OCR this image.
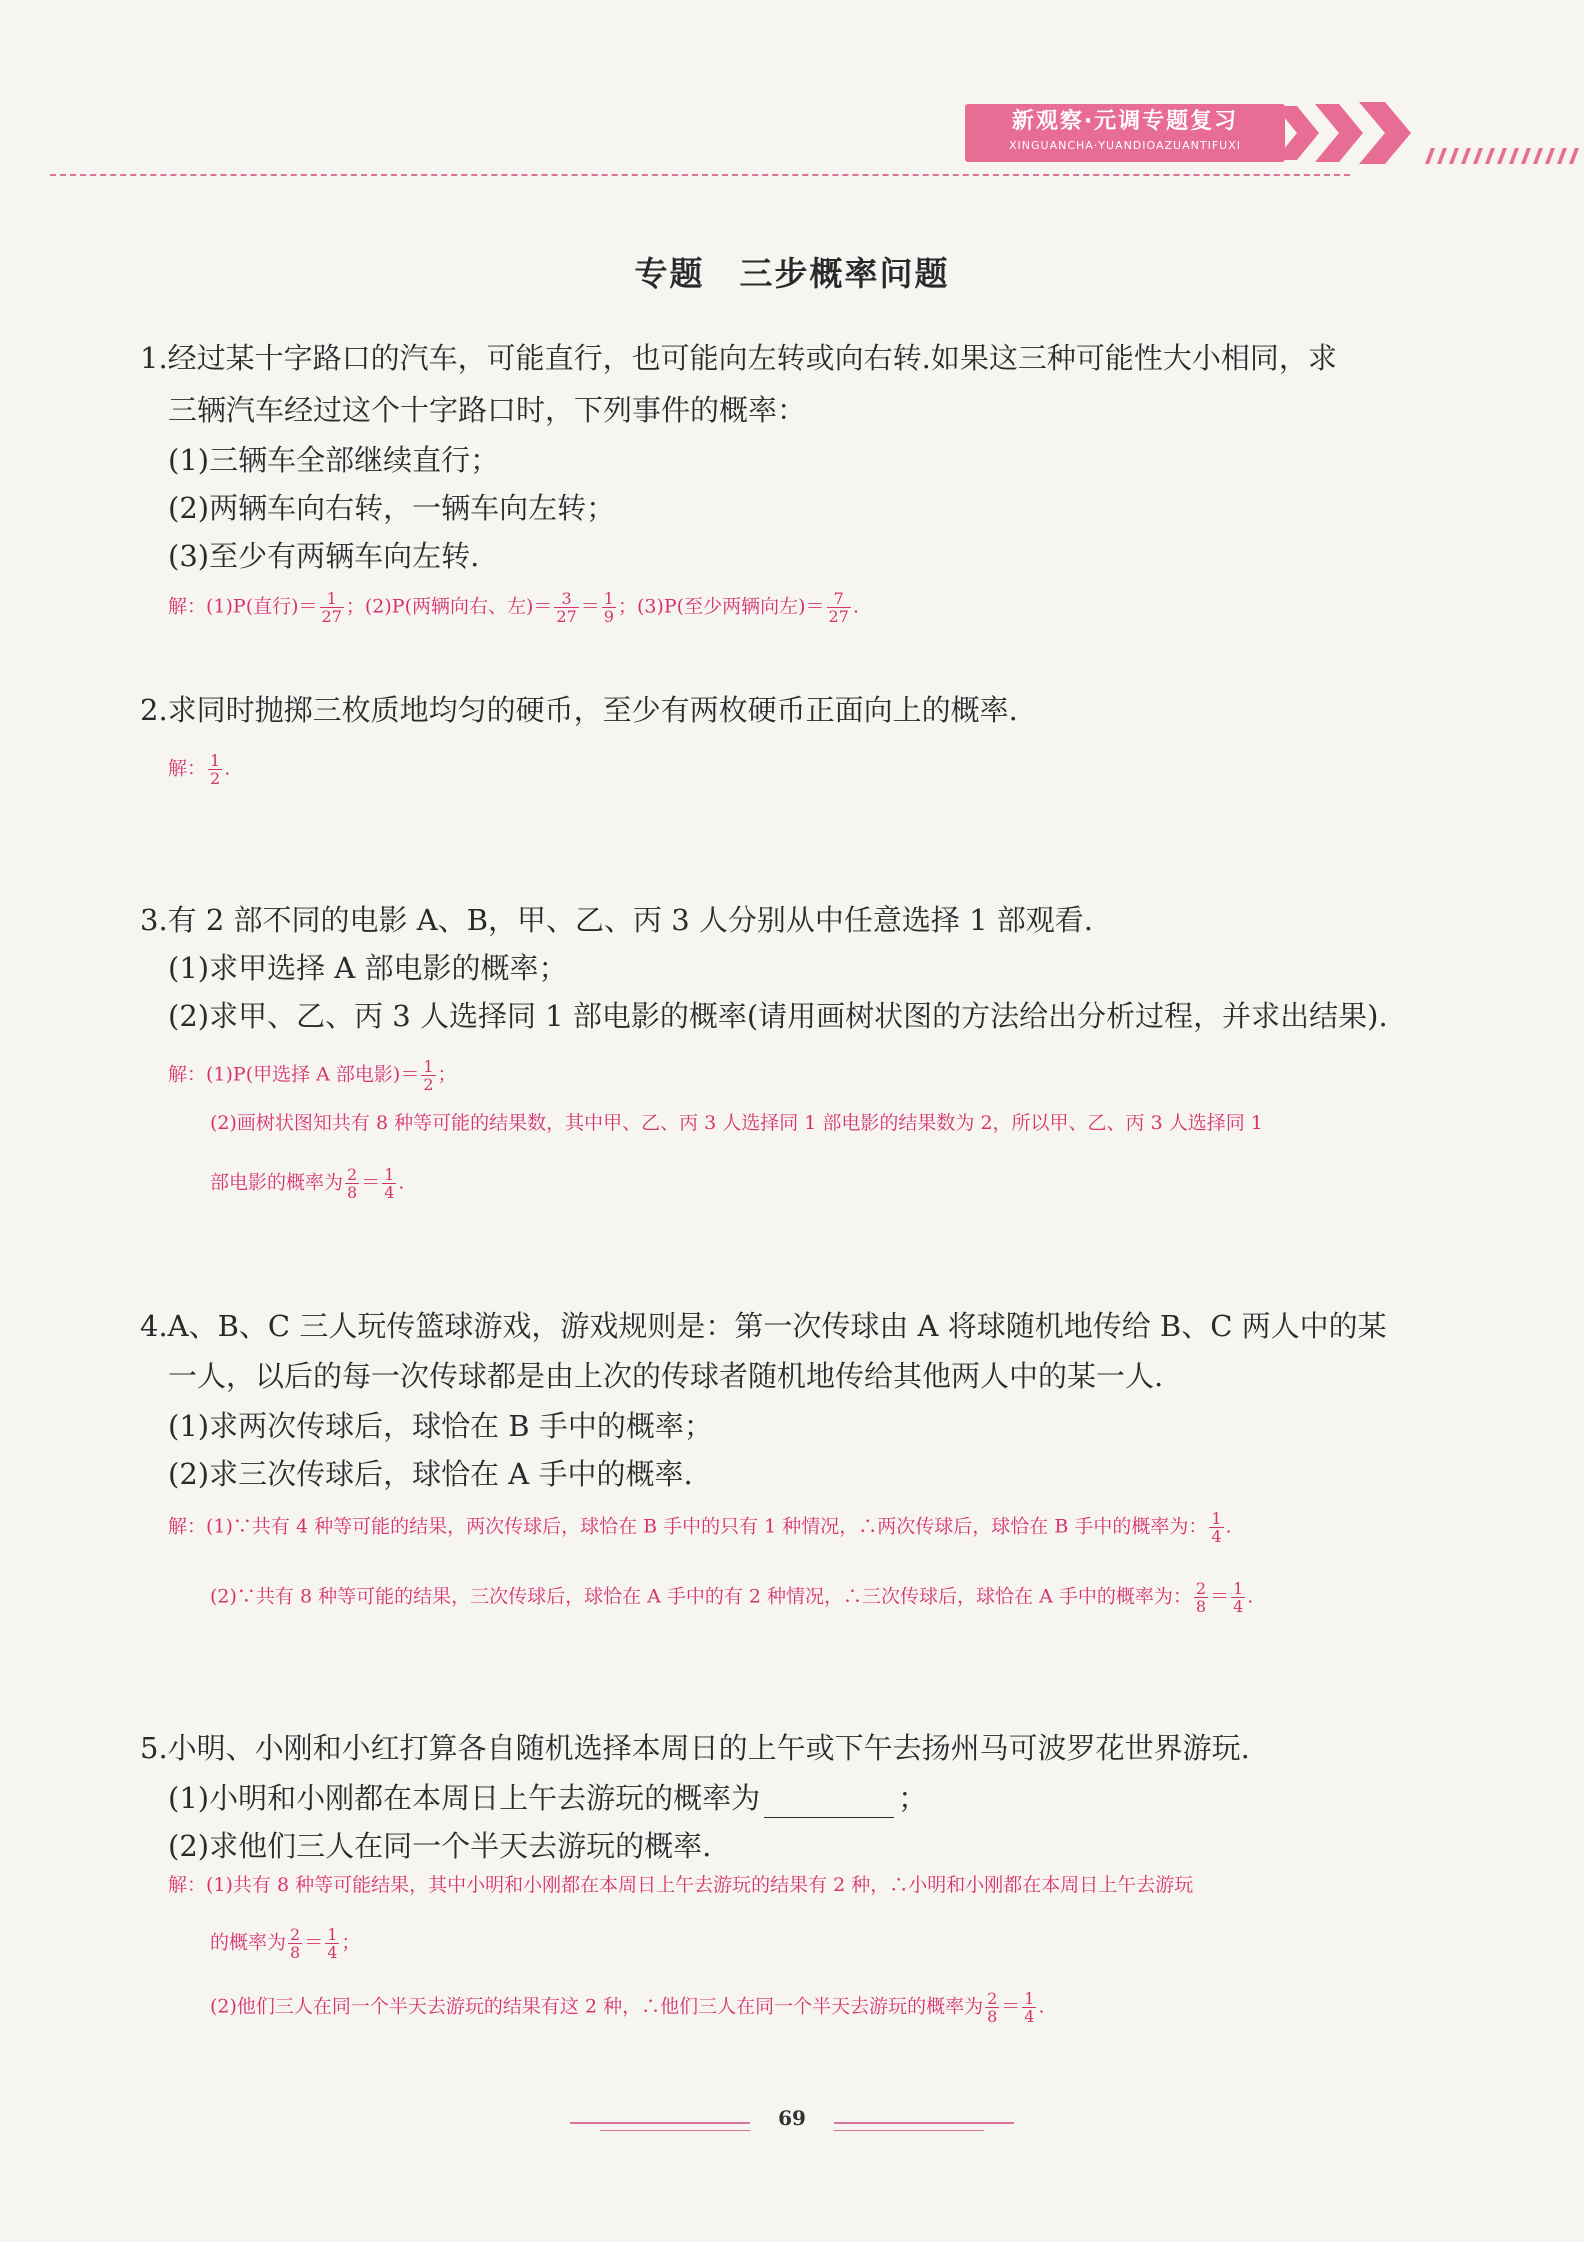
新观察·元调专题复习
XINGUANCHA·YUANDIOAZUANTIFUXI
专题　三步概率问题
1.经过某十字路口的汽车，可能直行，也可能向左转或向右转.如果这三种可能性大小相同，求
三辆汽车经过这个十字路口时，下列事件的概率：
(1)三辆车全部继续直行；
(2)两辆车向右转，一辆车向左转；
(3)至少有两辆车向左转.
解：(1)P(直行)＝ $\frac{1}{27}$ ；(2)P(两辆向右、左)＝ $\frac{3}{27} = \frac{1}{9}$ ；(3)P(至少两辆向左)＝ $\frac{7}{27}$ .
2.求同时抛掷三枚质地均匀的硬币，至少有两枚硬币正面向上的概率.
解： $\frac{1}{2}$ .
3.有 2 部不同的电影 A、B，甲、乙、丙 3 人分别从中任意选择 1 部观看.
(1)求甲选择 A 部电影的概率；
(2)求甲、乙、丙 3 人选择同 1 部电影的概率(请用画树状图的方法给出分析过程，并求出结果).
解：(1)P(甲选择 A 部电影)＝ $\frac{1}{2}$ ；
(2)画树状图知共有 8 种等可能的结果数，其中甲、乙、丙 3 人选择同 1 部电影的结果数为 2，所以甲、乙、丙 3 人选择同 1
部电影的概率为 $\frac{2}{8} = \frac{1}{4}$ .
4.A、B、C 三人玩传篮球游戏，游戏规则是：第一次传球由 A 将球随机地传给 B、C 两人中的某
一人，以后的每一次传球都是由上次的传球者随机地传给其他两人中的某一人.
(1)求两次传球后，球恰在 B 手中的概率；
(2)求三次传球后，球恰在 A 手中的概率.
解：(1)∵共有 4 种等可能的结果，两次传球后，球恰在 B 手中的只有 1 种情况，∴两次传球后，球恰在 B 手中的概率为： $\frac{1}{4}$ .
(2)∵共有 8 种等可能的结果，三次传球后，球恰在 A 手中的有 2 种情况，∴三次传球后，球恰在 A 手中的概率为： $\frac{2}{8} = \frac{1}{4}$ .
5.小明、小刚和小红打算各自随机选择本周日的上午或下午去扬州马可波罗花世界游玩.
(1)小明和小刚都在本周日上午去游玩的概率为	；
(2)求他们三人在同一个半天去游玩的概率.
解：(1)共有 8 种等可能结果，其中小明和小刚都在本周日上午去游玩的结果有 2 种，∴小明和小刚都在本周日上午去游玩
的概率为 $\frac{2}{8} = \frac{1}{4}$ ；
(2)他们三人在同一个半天去游玩的结果有这 2 种，∴他们三人在同一个半天去游玩的概率为 $\frac{2}{8} = \frac{1}{4}$ .
69
